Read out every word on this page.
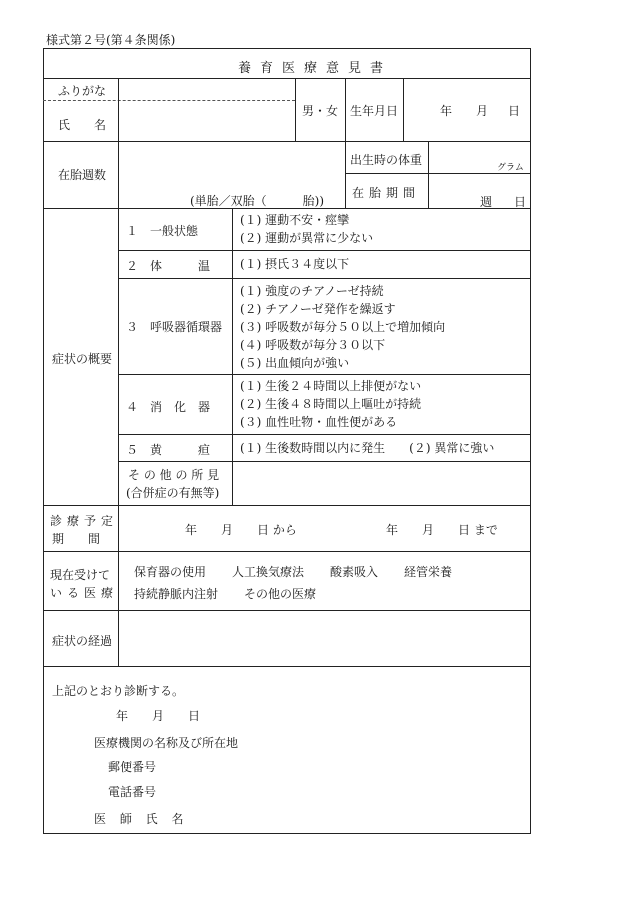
様式第２号(第４条関係)
養育医療意見書
ふりがな
氏　　名
男・女 生年月日	年 月 日
在胎週数
(単胎／双胎（　　　胎))
出生時の体重
グラム
在胎期間
週 日
症状の概要
１　一般状態
(１) 運動不安・痙攣
(２) 運動が異常に少ない
２　体　　　温 (１) 摂氏３４度以下
３　呼吸器循環器
(１) 強度のチアノーゼ持続
(２) チアノーゼ発作を繰返す
(３) 呼吸数が毎分５０以上で増加傾向
(４) 呼吸数が毎分３０以下
(５) 出血傾向が強い
４　消　化　器
(１) 生後２４時間以上排便がない
(２) 生後４８時間以上嘔吐が持続
(３) 血性吐物・血性便がある
５　黄　　　疸 (１) 生後数時間以内に発生　　(２) 異常に強い
そ の 他 の 所 見
(合併症の有無等)
診療予定
期　　間
年　　月　　日 から	年　　月　　日 まで
現在受けて
いる医療
保育器の使用 人工換気療法 酸素吸入 経管栄養
持続静脈内注射 その他の医療
症状の経過
上記のとおり診断する。
年　　月　　日
医療機関の名称及び所在地
郵便番号
電話番号
医 師 氏 名
